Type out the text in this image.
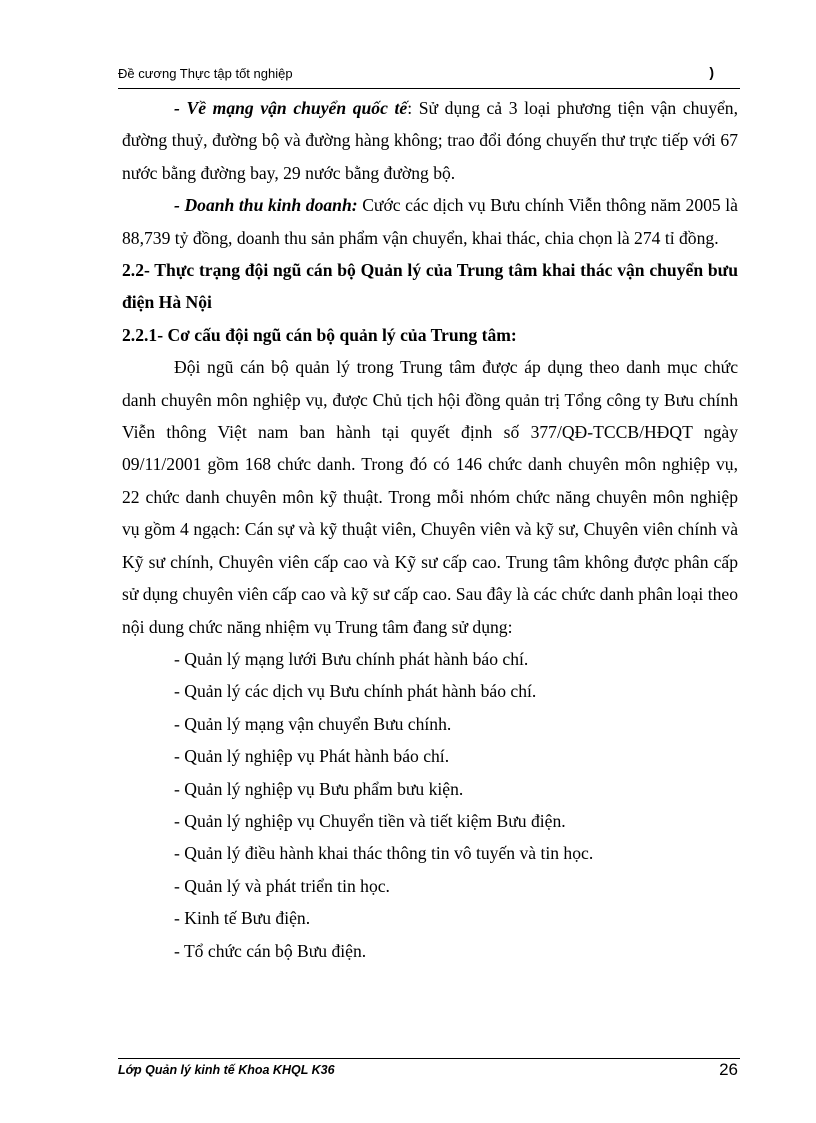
Đề cương Thực tập tốt nghiệp	)

- Về mạng vận chuyển quốc tế: Sử dụng cả 3 loại phương tiện vận chuyển, đường thuỷ, đường bộ và đường hàng không; trao đổi đóng chuyến thư trực tiếp với 67 nước bằng đường bay, 29 nước bằng đường bộ.

- Doanh thu kinh doanh: Cước các dịch vụ Bưu chính Viễn thông năm 2005 là 88,739 tỷ đồng, doanh thu sản phẩm vận chuyển, khai thác, chia chọn là 274 tỉ đồng.

2.2- Thực trạng đội ngũ cán bộ Quản lý của Trung tâm khai thác vận chuyển bưu điện Hà Nội

2.2.1- Cơ cấu đội ngũ cán bộ quản lý của Trung tâm:

Đội ngũ cán bộ quản lý trong Trung tâm được áp dụng theo danh mục chức danh chuyên môn nghiệp vụ, được Chủ tịch hội đồng quản trị Tổng công ty Bưu chính Viễn thông Việt nam ban hành tại quyết định số 377/QĐ-TCCB/HĐQT ngày 09/11/2001 gồm 168 chức danh. Trong đó có 146 chức danh chuyên môn nghiệp vụ, 22 chức danh chuyên môn kỹ thuật. Trong mỗi nhóm chức năng chuyên môn nghiệp vụ gồm 4 ngạch: Cán sự và kỹ thuật viên, Chuyên viên và kỹ sư, Chuyên viên chính và Kỹ sư chính, Chuyên viên cấp cao và Kỹ sư cấp cao. Trung tâm không được phân cấp sử dụng chuyên viên cấp cao và kỹ sư cấp cao. Sau đây là các chức danh phân loại theo nội dung chức năng nhiệm vụ Trung tâm đang sử dụng:

- Quản lý mạng lưới Bưu chính phát hành báo chí.
- Quản lý các dịch vụ Bưu chính phát hành báo chí.
- Quản lý mạng vận chuyển Bưu chính.
- Quản lý nghiệp vụ Phát hành báo chí.
- Quản lý nghiệp vụ Bưu phẩm bưu kiện.
- Quản lý nghiệp vụ Chuyển tiền và tiết kiệm Bưu điện.
- Quản lý điều hành khai thác thông tin vô tuyến và tin học.
- Quản lý và phát triển tin học.
- Kinh tế Bưu điện.
- Tổ chức cán bộ Bưu điện.
Lớp Quản lý kinh tế Khoa KHQL K36	26
